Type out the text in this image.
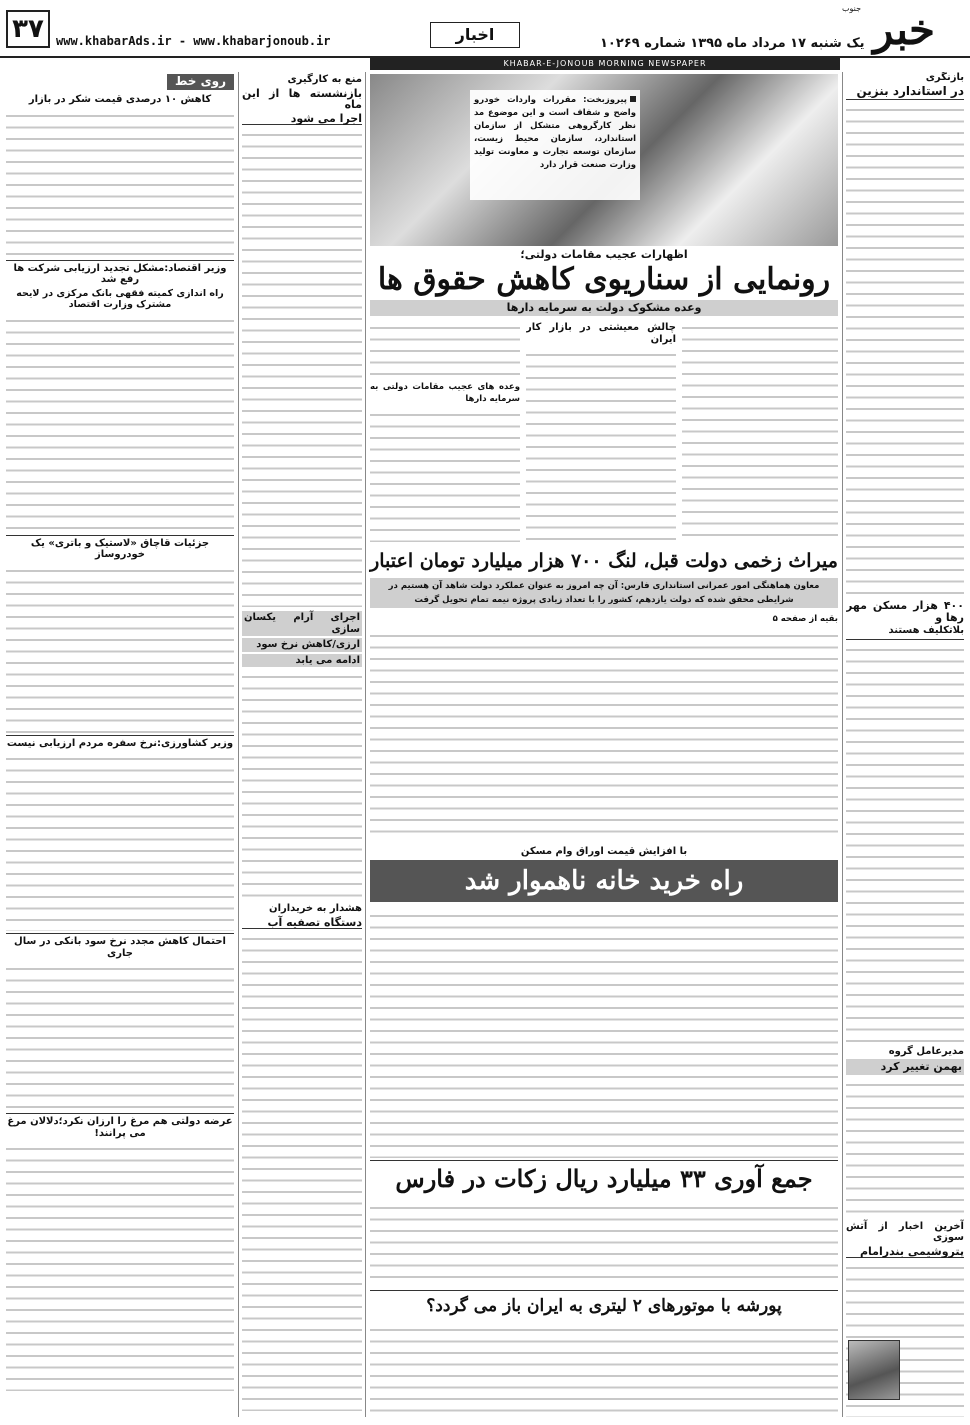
۳۷	www.khabarAds.ir - www.khabarjonoub.ir	اخبار	یک شنبه ۱۷ مرداد ماه ۱۳۹۵ شماره ۱۰۲۶۹
جنوب خبر
KHABAR-E-JONOUB MORNING NEWSPAPER
بازنگری
در استاندارد بنزین
۴۰۰ هزار مسکن مهر رها و
بلاتکلیف هستند
مدیرعامل گروه
بهمن تغییر کرد
آخرین اخبار از آتش سوزی
پتروشیمی بندرامام
پیروزبخت: مقررات واردات خودرو واضح و شفاف است و این موضوع مد نظر کارگروهی متشکل از سازمان استاندارد، سازمان محیط زیست، سازمان توسعه تجارت و معاونت تولید وزارت صنعت قرار دارد
اظهارات عجیب مقامات دولتی؛
رونمایی از سناریوی کاهش حقوق ها
وعده مشکوک دولت به سرمایه دارها
چالش معیشتی در بازار کار ایران
وعده های عجیب مقامات دولتی به سرمایه دارها
میراث زخمی دولت قبل، لنگ ۷۰۰ هزار میلیارد تومان اعتبار
معاون هماهنگی امور عمرانی استانداری فارس: آن چه امروز به عنوان عملکرد دولت شاهد آن هستیم در شرایطی محقق شده که دولت یازدهم، کشور را با تعداد زیادی پروژه نیمه تمام تحویل گرفت
بقیه از صفحه ۵
با افزایش قیمت اوراق وام مسکن
راه خرید خانه ناهموار شد
جمع آوری ۳۳ میلیارد ریال زکات در فارس
پورشه با موتورهای ۲ لیتری به ایران باز می گردد؟
منع به کارگیری
بازنشسته ها از این ماه
اجرا می شود
اجرای آرام یکسان سازی
ارزی/کاهش نرخ سود
ادامه می یابد
هشدار به خریداران
دستگاه تصفیه آب
روی خط
کاهش ۱۰ درصدی قیمت شکر در بازار
وزیر اقتصاد:مشکل تجدید ارزیابی شرکت ها رفع شد
راه اندازی کمیته فقهی بانک مرکزی در لایحه مشترک وزارت اقتصاد
جزئیات قاچاق «لاستیک و باتری» یک خودروساز
وزیر کشاورزی:نرخ سفره مردم ارزیابی نیست
احتمال کاهش مجدد نرخ سود بانکی در سال جاری
عرضه دولتی هم مرغ را ارزان نکرد؛دلالان مرغ می پرانند!
